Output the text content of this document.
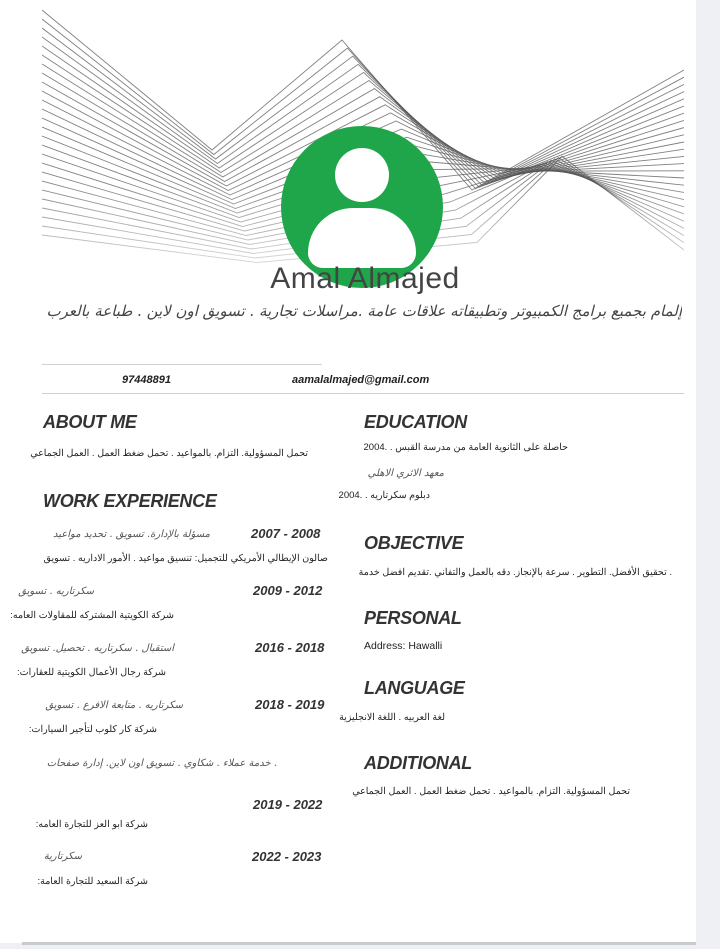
Amal Almajed
إلمام بجميع برامج الكمبيوتر وتطبيقاته علاقات عامة .مراسلات تجارية . تسويق اون لاين . طباعة بالعرب
97448891	aamalalmajed@gmail.com
ABOUT ME
تحمل المسؤولية. التزام. بالمواعيد . تحمل ضغط العمل . العمل الجماعي
WORK EXPERIENCE
2007 - 2008
مسؤلة بالإدارة. تسويق . تحديد مواعيد
صالون الإيطالي الأمريكي للتجميل: تنسيق مواعيد . الأمور الاداريه . تسويق
2009 - 2012
سكرتاريه . تسويق
شركة الكويتية المشتركه للمقاولات العامه:
2016 - 2018
استقبال . سكرتاريه . تحصيل. تسويق
شركة رجال الأعمال الكويتية للعقارات:
2018 - 2019
سكرتاريه . متابعة الافرع . تسويق
شركة كار كلوب لتأجير السيارات:
. خدمة عملاء . شكاوي . تسويق اون لاين. إدارة صفحات
2019 - 2022
شركة ابو العز للتجارة العامه:
2022 - 2023
سكرتارية
شركة السعيد للتجارة العامة:
EDUCATION
حاصلة على الثانوية العامة من مدرسة القبس . .2004
معهد الاثري الاهلي
دبلوم سكرتاريه . .2004
OBJECTIVE
. تحقيق الأفضل. التطوير . سرعة بالإنجاز. دقه بالعمل والتفاني .تقديم افضل خدمة
PERSONAL
Address: Hawalli
LANGUAGE
لغة العربيه . اللغة الانجليزية
ADDITIONAL
تحمل المسؤولية. التزام. بالمواعيد . تحمل ضغط العمل . العمل الجماعي
